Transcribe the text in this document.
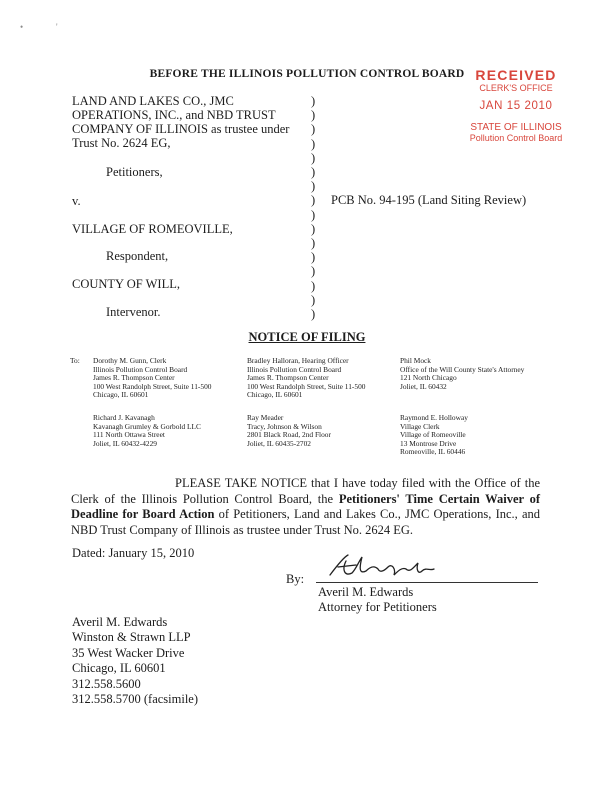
•	'
BEFORE THE ILLINOIS POLLUTION CONTROL BOARD RECEIVED
CLERK'S OFFICE
JAN 15 2010
STATE OF ILLINOIS
Pollution Control Board
LAND AND LAKES CO., JMC
OPERATIONS, INC., and NBD TRUST
COMPANY OF ILLINOIS as trustee under
Trust No. 2624 EG,
Petitioners,
v.
VILLAGE OF ROMEOVILLE,
Respondent,
COUNTY OF WILL,
Intervenor.
)
)
)
)
)
)
)
)
)
)
)
)
)
)
)
)
PCB No. 94-195 (Land Siting Review)
NOTICE OF FILING
To: Dorothy M. Gunn, Clerk
Illinois Pollution Control Board
James R. Thompson Center
100 West Randolph Street, Suite 11-500
Chicago, IL 60601
Bradley Halloran, Hearing Officer
Illinois Pollution Control Board
James R. Thompson Center
100 West Randolph Street, Suite 11-500
Chicago, IL 60601
Phil Mock
Office of the Will County State's Attorney
121 North Chicago
Joliet, IL 60432
Richard J. Kavanagh
Kavanagh Grumley & Gorbold LLC
111 North Ottawa Street
Joliet, IL 60432-4229
Ray Meader
Tracy, Johnson & Wilson
2801 Black Road, 2nd Floor
Joliet, IL 60435-2702
Raymond E. Holloway
Village Clerk
Village of Romeoville
13 Montrose Drive
Romeoville, IL 60446
PLEASE TAKE NOTICE that I have today filed with the Office of the Clerk of the Illinois Pollution Control Board, the Petitioners' Time Certain Waiver of Deadline for Board Action of Petitioners, Land and Lakes Co., JMC Operations, Inc., and NBD Trust Company of Illinois as trustee under Trust No. 2624 EG.
Dated: January 15, 2010
By:
Averil M. Edwards
Attorney for Petitioners
Averil M. Edwards
Winston & Strawn LLP
35 West Wacker Drive
Chicago, IL 60601
312.558.5600
312.558.5700 (facsimile)
